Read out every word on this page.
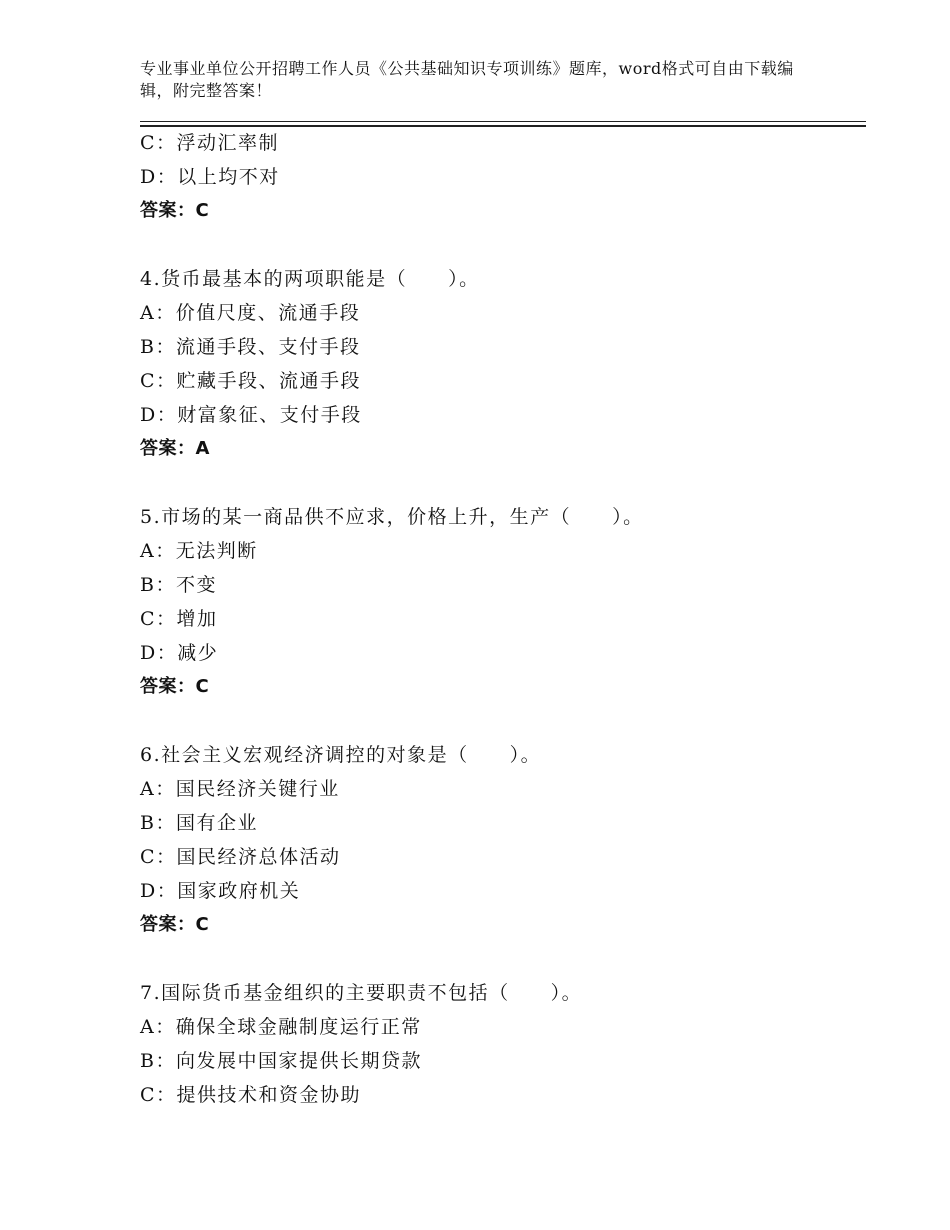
专业事业单位公开招聘工作人员《公共基础知识专项训练》题库，word格式可自由下载编辑，附完整答案！
C：浮动汇率制
D：以上均不对
答案：C
4.货币最基本的两项职能是（　　）。
A：价值尺度、流通手段
B：流通手段、支付手段
C：贮藏手段、流通手段
D：财富象征、支付手段
答案：A
5.市场的某一商品供不应求，价格上升，生产（　　）。
A：无法判断
B：不变
C：增加
D：减少
答案：C
6.社会主义宏观经济调控的对象是（　　）。
A：国民经济关键行业
B：国有企业
C：国民经济总体活动
D：国家政府机关
答案：C
7.国际货币基金组织的主要职责不包括（　　）。
A：确保全球金融制度运行正常
B：向发展中国家提供长期贷款
C：提供技术和资金协助
